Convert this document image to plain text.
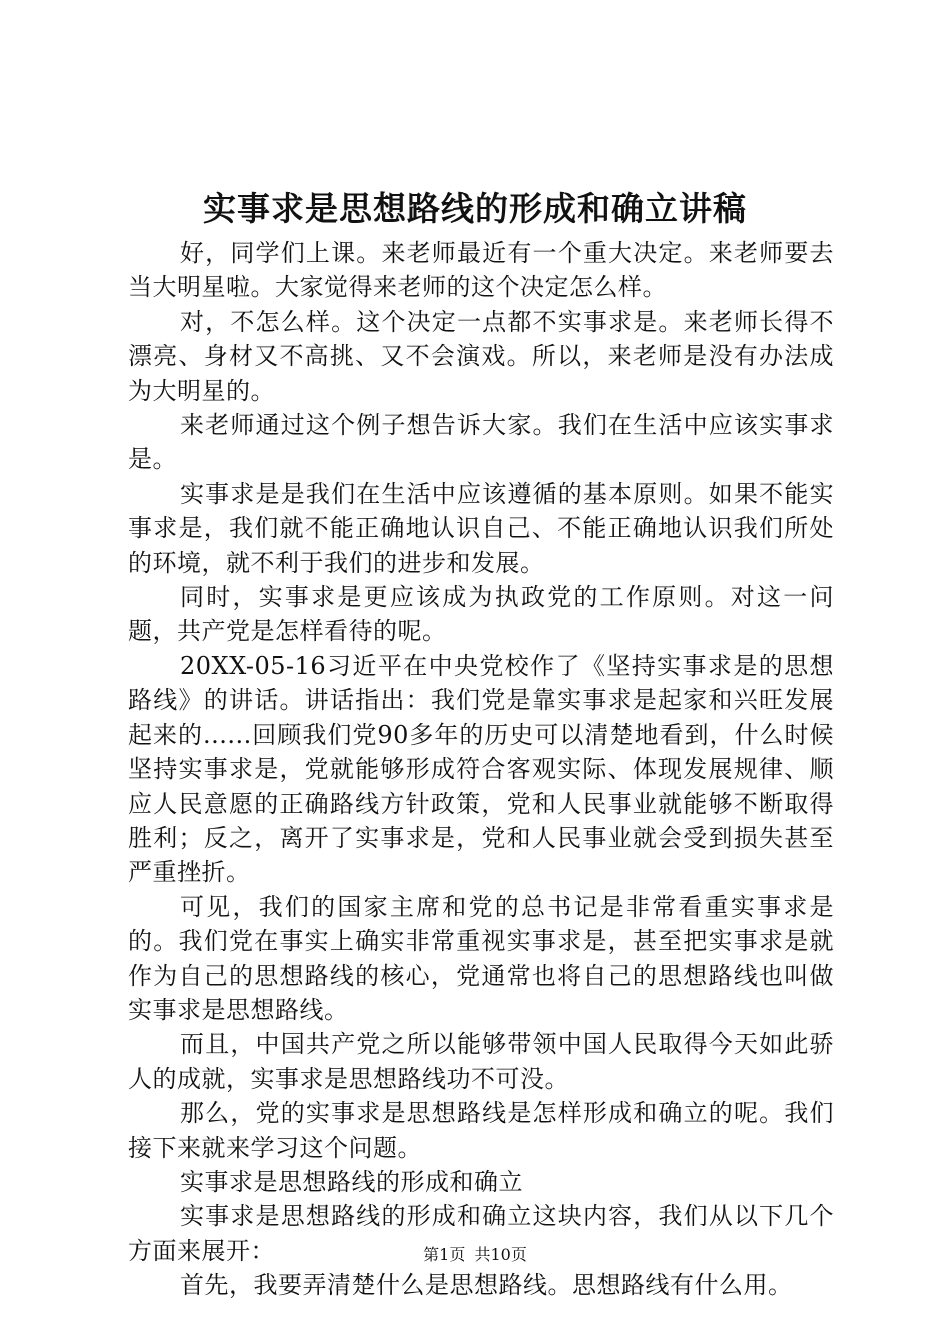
实事求是思想路线的形成和确立讲稿

好，同学们上课。来老师最近有一个重大决定。来老师要去当大明星啦。大家觉得来老师的这个决定怎么样。

对，不怎么样。这个决定一点都不实事求是。来老师长得不漂亮、身材又不高挑、又不会演戏。所以，来老师是没有办法成为大明星的。

来老师通过这个例子想告诉大家。我们在生活中应该实事求是。

实事求是是我们在生活中应该遵循的基本原则。如果不能实事求是，我们就不能正确地认识自己、不能正确地认识我们所处的环境，就不利于我们的进步和发展。

同时，实事求是更应该成为执政党的工作原则。对这一问题，共产党是怎样看待的呢。

20XX-05-16习近平在中央党校作了《坚持实事求是的思想路线》的讲话。讲话指出：我们党是靠实事求是起家和兴旺发展起来的......回顾我们党90多年的历史可以清楚地看到，什么时候坚持实事求是，党就能够形成符合客观实际、体现发展规律、顺应人民意愿的正确路线方针政策，党和人民事业就能够不断取得胜利；反之，离开了实事求是，党和人民事业就会受到损失甚至严重挫折。

可见，我们的国家主席和党的总书记是非常看重实事求是的。我们党在事实上确实非常重视实事求是，甚至把实事求是就作为自己的思想路线的核心，党通常也将自己的思想路线也叫做实事求是思想路线。

而且，中国共产党之所以能够带领中国人民取得今天如此骄人的成就，实事求是思想路线功不可没。

那么，党的实事求是思想路线是怎样形成和确立的呢。我们接下来就来学习这个问题。

实事求是思想路线的形成和确立

实事求是思想路线的形成和确立这块内容，我们从以下几个方面来展开：

首先，我要弄清楚什么是思想路线。思想路线有什么用。

第1页 共10页
